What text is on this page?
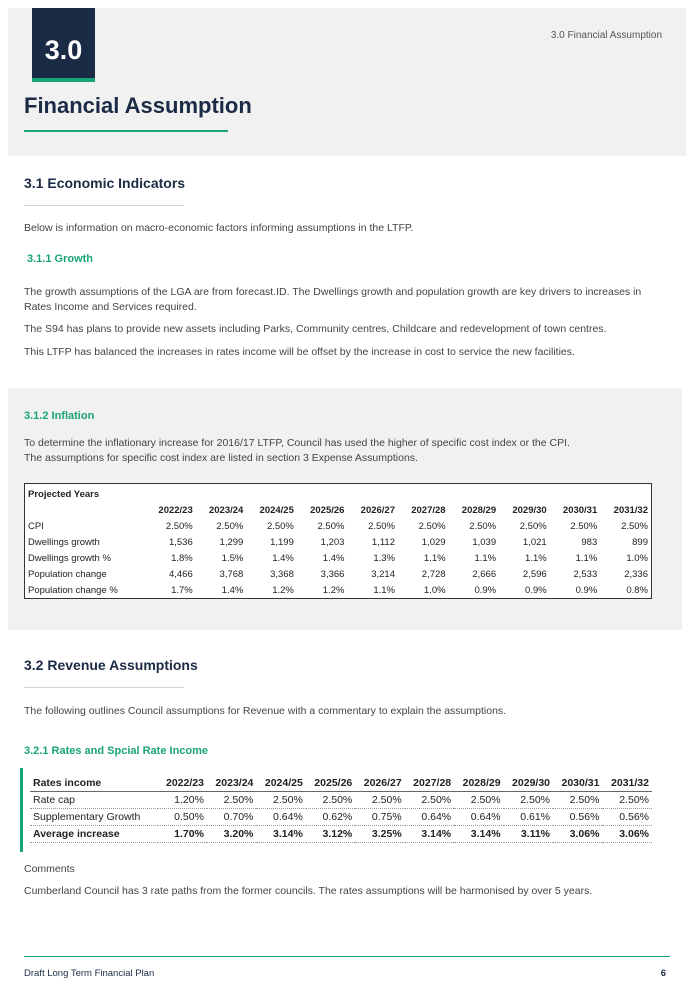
3.0	3.0 Financial Assumption
Financial Assumption
3.1 Economic Indicators

Below is information on macro-economic factors informing assumptions in the LTFP.

3.1.1 Growth

The growth assumptions of the LGA are from forecast.ID. The Dwellings growth and population growth are key drivers to increases in Rates Income and Services required.

The S94 has plans to provide new assets including Parks, Community centres, Childcare and redevelopment of town centres.

This LTFP has balanced the increases in rates income will be offset by the increase in cost to service the new facilities.

3.1.2 Inflation

To determine the inflationary increase for 2016/17 LTFP, Council has used the higher of specific cost index or the CPI.

The assumptions for specific cost index are listed in section 3 Expense Assumptions.

Projected Years										
	2022/23	2023/24	2024/25	2025/26	2026/27	2027/28	2028/29	2029/30	2030/31	2031/32
CPI	2.50%	2.50%	2.50%	2.50%	2.50%	2.50%	2.50%	2.50%	2.50%	2.50%
Dwellings growth	1,536	1,299	1,199	1,203	1,112	1,029	1,039	1,021	983	899
Dwellings growth %	1.8%	1.5%	1.4%	1.4%	1.3%	1.1%	1.1%	1.1%	1.1%	1.0%
Population change	4,466	3,768	3,368	3,366	3,214	2,728	2,666	2,596	2,533	2,336
Population change %	1.7%	1.4%	1.2%	1.2%	1.1%	1.0%	0.9%	0.9%	0.9%	0.8%
3.2 Revenue Assumptions

The following outlines Council assumptions for Revenue with a commentary to explain the assumptions.

3.2.1 Rates and Spcial Rate Income
Rates income	2022/23	2023/24	2024/25	2025/26	2026/27	2027/28	2028/29	2029/30	2030/31	2031/32
Rate cap	1.20%	2.50%	2.50%	2.50%	2.50%	2.50%	2.50%	2.50%	2.50%	2.50%
Supplementary Growth	0.50%	0.70%	0.64%	0.62%	0.75%	0.64%	0.64%	0.61%	0.56%	0.56%
Average increase	1.70%	3.20%	3.14%	3.12%	3.25%	3.14%	3.14%	3.11%	3.06%	3.06%

Comments

Cumberland Council has 3 rate paths from the former councils. The rates assumptions will be harmonised by over 5 years.

Draft Long Term Financial Plan	6
